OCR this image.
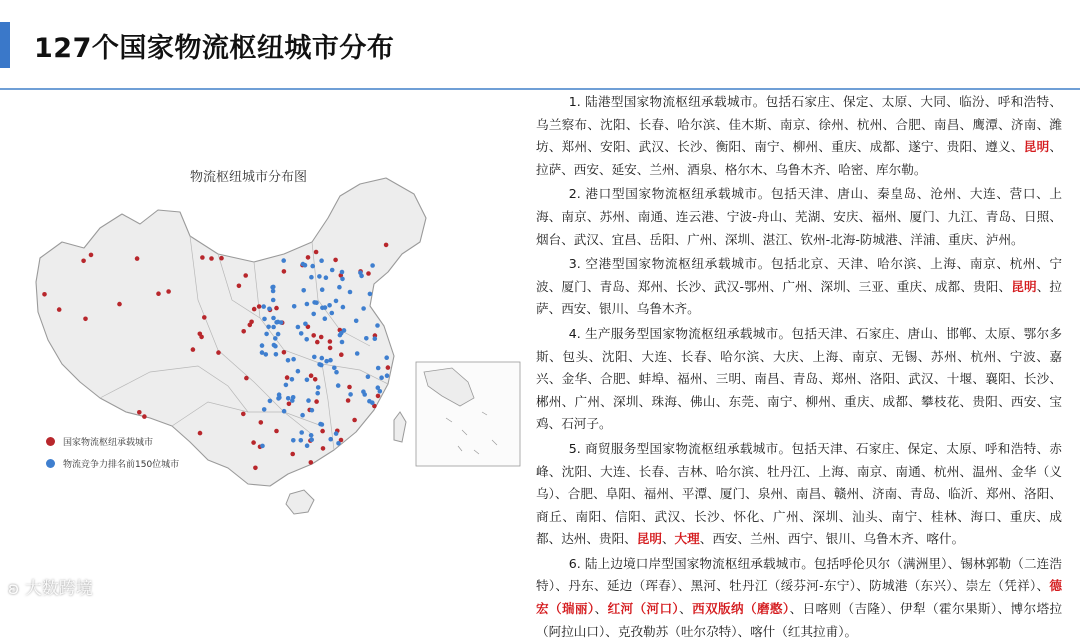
127个国家物流枢纽城市分布
物流枢纽城市分布图
国家物流枢纽承载城市
物流竞争力排名前150位城市

1. 陆港型国家物流枢纽承载城市。包括石家庄、保定、太原、大同、临汾、呼和浩特、乌兰察布、沈阳、长春、哈尔滨、佳木斯、南京、徐州、杭州、合肥、南昌、鹰潭、济南、潍坊、郑州、安阳、武汉、长沙、衡阳、南宁、柳州、重庆、成都、遂宁、贵阳、遵义、昆明、拉萨、西安、延安、兰州、酒泉、格尔木、乌鲁木齐、哈密、库尔勒。

2. 港口型国家物流枢纽承载城市。包括天津、唐山、秦皇岛、沧州、大连、营口、上海、南京、苏州、南通、连云港、宁波-舟山、芜湖、安庆、福州、厦门、九江、青岛、日照、烟台、武汉、宜昌、岳阳、广州、深圳、湛江、钦州-北海-防城港、洋浦、重庆、泸州。

3. 空港型国家物流枢纽承载城市。包括北京、天津、哈尔滨、上海、南京、杭州、宁波、厦门、青岛、郑州、长沙、武汉-鄂州、广州、深圳、三亚、重庆、成都、贵阳、昆明、拉萨、西安、银川、乌鲁木齐。

4. 生产服务型国家物流枢纽承载城市。包括天津、石家庄、唐山、邯郸、太原、鄂尔多斯、包头、沈阳、大连、长春、哈尔滨、大庆、上海、南京、无锡、苏州、杭州、宁波、嘉兴、金华、合肥、蚌埠、福州、三明、南昌、青岛、郑州、洛阳、武汉、十堰、襄阳、长沙、郴州、广州、深圳、珠海、佛山、东莞、南宁、柳州、重庆、成都、攀枝花、贵阳、西安、宝鸡、石河子。

5. 商贸服务型国家物流枢纽承载城市。包括天津、石家庄、保定、太原、呼和浩特、赤峰、沈阳、大连、长春、吉林、哈尔滨、牡丹江、上海、南京、南通、杭州、温州、金华（义乌）、合肥、阜阳、福州、平潭、厦门、泉州、南昌、赣州、济南、青岛、临沂、郑州、洛阳、商丘、南阳、信阳、武汉、长沙、怀化、广州、深圳、汕头、南宁、桂林、海口、重庆、成都、达州、贵阳、昆明、大理、西安、兰州、西宁、银川、乌鲁木齐、喀什。

6. 陆上边境口岸型国家物流枢纽承载城市。包括呼伦贝尔（满洲里）、锡林郭勒（二连浩特）、丹东、延边（珲春）、黑河、牡丹江（绥芬河-东宁）、防城港（东兴）、崇左（凭祥）、德宏（瑞丽）、红河（河口）、西双版纳（磨憨）、日喀则（吉隆）、伊犁（霍尔果斯）、博尔塔拉（阿拉山口）、克孜勒苏（吐尔尕特）、喀什（红其拉甫）。

ʚ 大数跨境
